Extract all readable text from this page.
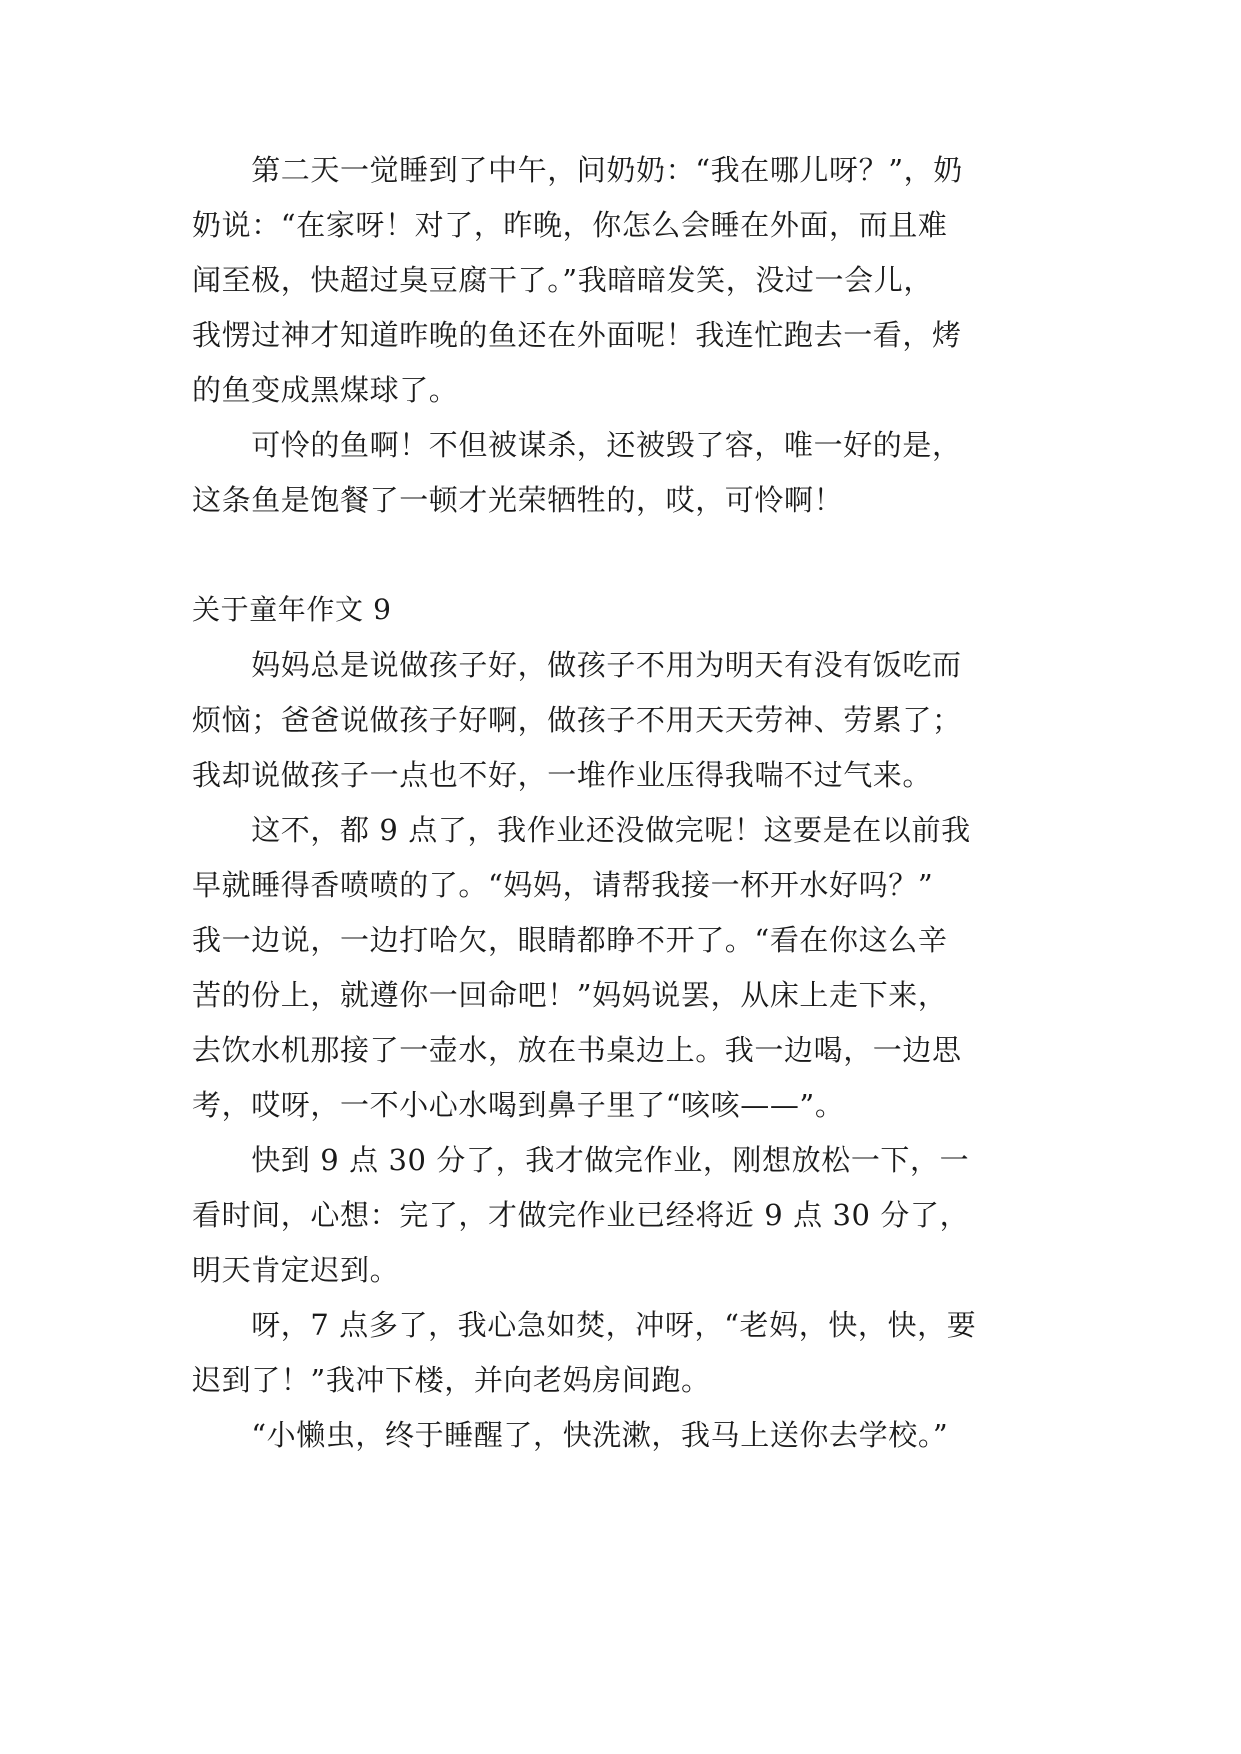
　　第二天一觉睡到了中午，问奶奶：“我在哪儿呀？”，奶
奶说：“在家呀！对了，昨晚，你怎么会睡在外面，而且难
闻至极，快超过臭豆腐干了。”我暗暗发笑，没过一会儿，
我愣过神才知道昨晚的鱼还在外面呢！我连忙跑去一看，烤
的鱼变成黑煤球了。
　　可怜的鱼啊！不但被谋杀，还被毁了容，唯一好的是，
这条鱼是饱餐了一顿才光荣牺牲的，哎，可怜啊！
关于童年作文 9
　　妈妈总是说做孩子好，做孩子不用为明天有没有饭吃而
烦恼；爸爸说做孩子好啊，做孩子不用天天劳神、劳累了；
我却说做孩子一点也不好，一堆作业压得我喘不过气来。
　　这不，都 9 点了，我作业还没做完呢！这要是在以前我
早就睡得香喷喷的了。“妈妈，请帮我接一杯开水好吗？”
我一边说，一边打哈欠，眼睛都睁不开了。“看在你这么辛
苦的份上，就遵你一回命吧！”妈妈说罢，从床上走下来，
去饮水机那接了一壶水，放在书桌边上。我一边喝，一边思
考，哎呀，一不小心水喝到鼻子里了“咳咳——”。
　　快到 9 点 30 分了，我才做完作业，刚想放松一下，一
看时间，心想：完了，才做完作业已经将近 9 点 30 分了，
明天肯定迟到。
　　呀，7 点多了，我心急如焚，冲呀，“老妈，快，快，要
迟到了！”我冲下楼，并向老妈房间跑。
　　“小懒虫，终于睡醒了，快洗漱，我马上送你去学校。”
